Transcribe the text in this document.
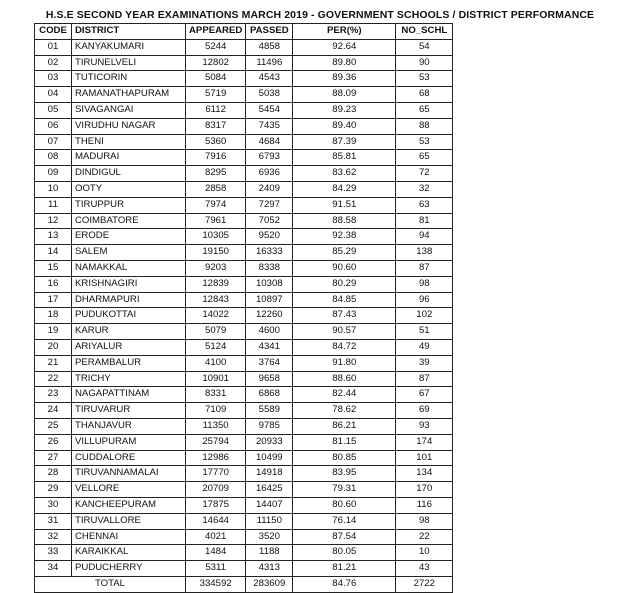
H.S.E SECOND YEAR EXAMINATIONS MARCH 2019 - GOVERNMENT SCHOOLS / DISTRICT PERFORMANCE
CODE	DISTRICT	APPEARED	PASSED	PER(%)	NO_SCHL
01	KANYAKUMARI	5244	4858	92.64	54
02	TIRUNELVELI	12802	11496	89.80	90
03	TUTICORIN	5084	4543	89.36	53
04	RAMANATHAPURAM	5719	5038	88.09	68
05	SIVAGANGAI	6112	5454	89.23	65
06	VIRUDHU NAGAR	8317	7435	89.40	88
07	THENI	5360	4684	87.39	53
08	MADURAI	7916	6793	85.81	65
09	DINDIGUL	8295	6936	83.62	72
10	OOTY	2858	2409	84.29	32
11	TIRUPPUR	7974	7297	91.51	63
12	COIMBATORE	7961	7052	88.58	81
13	ERODE	10305	9520	92.38	94
14	SALEM	19150	16333	85.29	138
15	NAMAKKAL	9203	8338	90.60	87
16	KRISHNAGIRI	12839	10308	80.29	98
17	DHARMAPURI	12843	10897	84.85	96
18	PUDUKOTTAI	14022	12260	87.43	102
19	KARUR	5079	4600	90.57	51
20	ARIYALUR	5124	4341	84.72	49
21	PERAMBALUR	4100	3764	91.80	39
22	TRICHY	10901	9658	88.60	87
23	NAGAPATTINAM	8331	6868	82.44	67
24	TIRUVARUR	7109	5589	78.62	69
25	THANJAVUR	11350	9785	86.21	93
26	VILLUPURAM	25794	20933	81.15	174
27	CUDDALORE	12986	10499	80.85	101
28	TIRUVANNAMALAI	17770	14918	83.95	134
29	VELLORE	20709	16425	79.31	170
30	KANCHEEPURAM	17875	14407	80.60	116
31	TIRUVALLORE	14644	11150	76.14	98
32	CHENNAI	4021	3520	87.54	22
33	KARAIKKAL	1484	1188	80.05	10
34	PUDUCHERRY	5311	4313	81.21	43
TOTAL		334592	283609	84.76	2722
